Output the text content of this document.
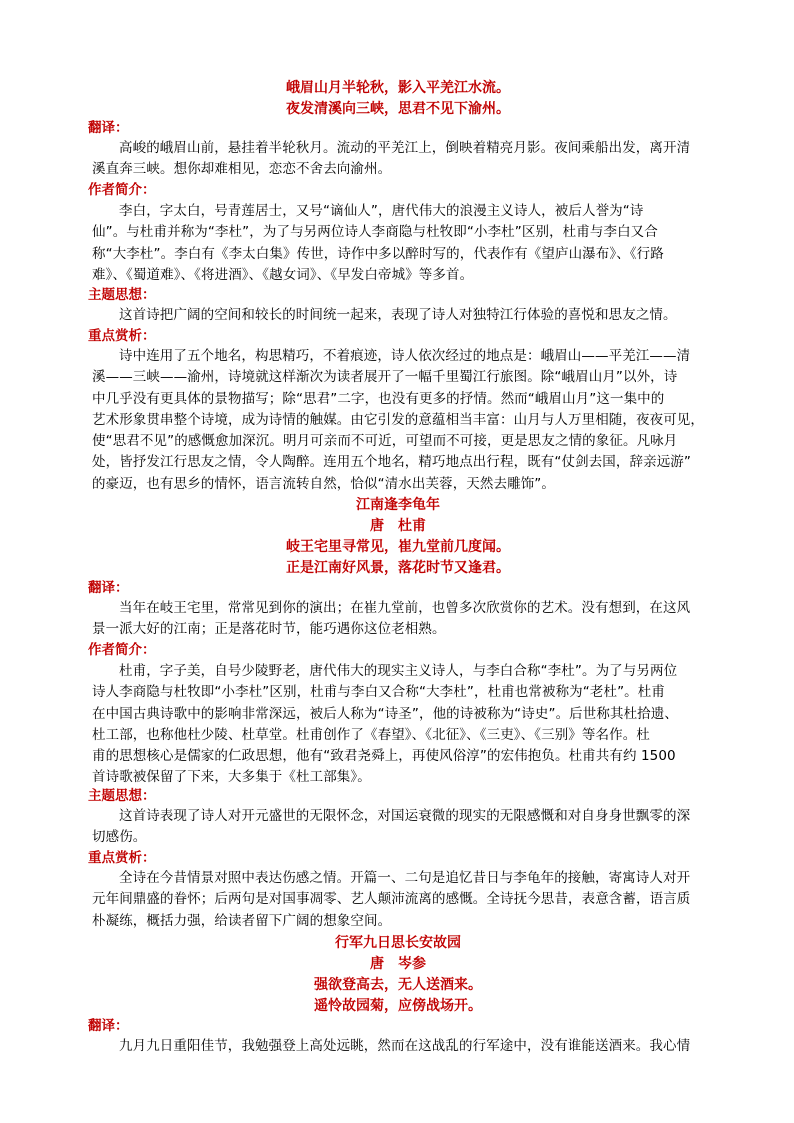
峨眉山月半轮秋，影入平羌江水流。
夜发清溪向三峡，思君不见下渝州。
翻译：
高峻的峨眉山前，悬挂着半轮秋月。流动的平羌江上，倒映着精亮月影。夜间乘船出发，离开清
溪直奔三峡。想你却难相见，恋恋不舍去向渝州。
作者简介：
李白，字太白，号青莲居士，又号“谪仙人”，唐代伟大的浪漫主义诗人，被后人誉为“诗
仙”。与杜甫并称为“李杜”，为了与另两位诗人李商隐与杜牧即“小李杜”区别，杜甫与李白又合
称“大李杜”。李白有《李太白集》传世，诗作中多以醉时写的，代表作有《望庐山瀑布》、《行路
难》、《蜀道难》、《将进酒》、《越女词》、《早发白帝城》等多首。
主题思想：
这首诗把广阔的空间和较长的时间统一起来，表现了诗人对独特江行体验的喜悦和思友之情。
重点赏析：
诗中连用了五个地名，构思精巧，不着痕迹，诗人依次经过的地点是：峨眉山——平羌江——清
溪——三峡——渝州，诗境就这样渐次为读者展开了一幅千里蜀江行旅图。除“峨眉山月”以外，诗
中几乎没有更具体的景物描写；除“思君”二字，也没有更多的抒情。然而“峨眉山月”这一集中的
艺术形象贯串整个诗境，成为诗情的触媒。由它引发的意蕴相当丰富：山月与人万里相随，夜夜可见，
使“思君不见”的感慨愈加深沉。明月可亲而不可近，可望而不可接，更是思友之情的象征。凡咏月
处，皆抒发江行思友之情，令人陶醉。连用五个地名，精巧地点出行程，既有“仗剑去国，辞亲远游”
的豪迈，也有思乡的情怀，语言流转自然，恰似“清水出芙蓉，天然去雕饰”。
江南逢李龟年
唐　杜甫
岐王宅里寻常见，崔九堂前几度闻。
正是江南好风景，落花时节又逢君。
翻译：
当年在岐王宅里，常常见到你的演出；在崔九堂前，也曾多次欣赏你的艺术。没有想到，在这风
景一派大好的江南；正是落花时节，能巧遇你这位老相熟。
作者简介：
杜甫，字子美，自号少陵野老，唐代伟大的现实主义诗人，与李白合称“李杜”。为了与另两位
诗人李商隐与杜牧即“小李杜”区别，杜甫与李白又合称“大李杜”，杜甫也常被称为“老杜”。杜甫
在中国古典诗歌中的影响非常深远，被后人称为“诗圣”，他的诗被称为“诗史”。后世称其杜拾遗、
杜工部，也称他杜少陵、杜草堂。杜甫创作了《春望》、《北征》、《三吏》、《三别》等名作。杜
甫的思想核心是儒家的仁政思想，他有“致君尧舜上，再使风俗淳”的宏伟抱负。杜甫共有约 1500
首诗歌被保留了下来，大多集于《杜工部集》。
主题思想：
这首诗表现了诗人对开元盛世的无限怀念，对国运衰微的现实的无限感慨和对自身身世飘零的深
切感伤。
重点赏析：
全诗在今昔情景对照中表达伤感之情。开篇一、二句是追忆昔日与李龟年的接触，寄寓诗人对开
元年间鼎盛的眷怀；后两句是对国事凋零、艺人颠沛流离的感慨。全诗抚今思昔，表意含蓄，语言质
朴凝练，概括力强，给读者留下广阔的想象空间。
行军九日思长安故园
唐　岑参
强欲登高去，无人送酒来。
遥怜故园菊，应傍战场开。
翻译：
九月九日重阳佳节，我勉强登上高处远眺，然而在这战乱的行军途中，没有谁能送酒来。我心情
